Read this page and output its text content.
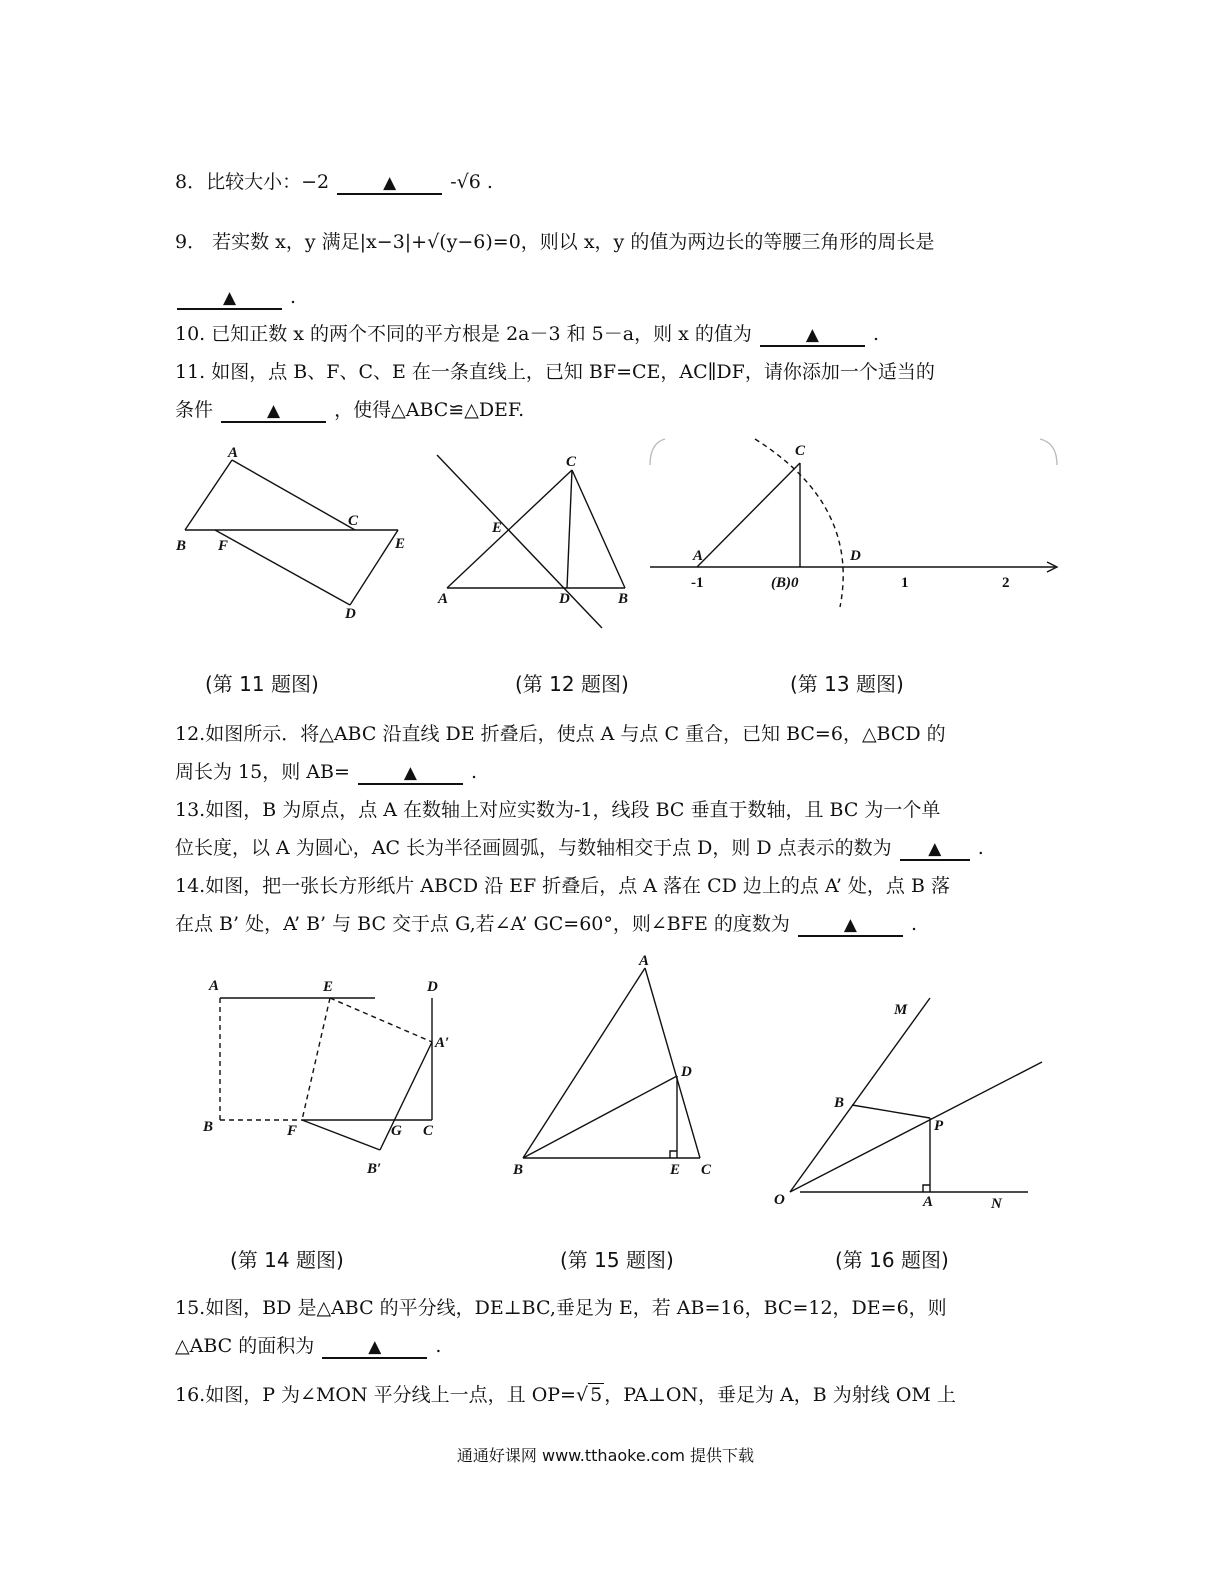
8．比较大小：−2 ▲	-√6 .
9． 若实数 x，y 满足|x−3|+√(y−6)=0，则以 x，y 的值为两边长的等腰三角形的周长是
▲ .
10. 已知正数 x 的两个不同的平方根是 2a－3 和 5－a，则 x 的值为 ▲	.
11. 如图，点 B、F、C、E 在一条直线上，已知 BF=CE，AC∥DF，请你添加一个适当的
条件 ▲	，使得△ABC≌△DEF.
A
B F
C
E
D
C
E
A	D	B
C
A	D
-1	(B)0	1	2
(第 11 题图)	(第 12 题图)	(第 13 题图)
12.如图所示．将△ABC 沿直线 DE 折叠后，使点 A 与点 C 重合，已知 BC=6，△BCD 的
周长为 15，则 AB= ▲	.
13.如图，B 为原点，点 A 在数轴上对应实数为-1，线段 BC 垂直于数轴，且 BC 为一个单
位长度，以 A 为圆心，AC 长为半径画圆弧，与数轴相交于点 D，则 D 点表示的数为 ▲	.
14.如图，把一张长方形纸片 ABCD 沿 EF 折叠后，点 A 落在 CD 边上的点 A’ 处，点 B 落
在点 B’ 处，A’ B’ 与 BC 交于点 G,若∠A’ GC=60°，则∠BFE 的度数为 ▲	.
A	E	D
A′
B	F	G C
B′
A
D
B	E C
M
B
P
O	A	N
(第 14 题图)	(第 15 题图)	(第 16 题图)
15.如图，BD 是△ABC 的平分线，DE⊥BC,垂足为 E，若 AB=16，BC=12，DE=6，则
△ABC 的面积为 ▲	.
16.如图，P 为∠MON 平分线上一点，且 OP=√ 5 ，PA⊥ON，垂足为 A，B 为射线 OM 上
通通好课网 www.tthaoke.com 提供下载
